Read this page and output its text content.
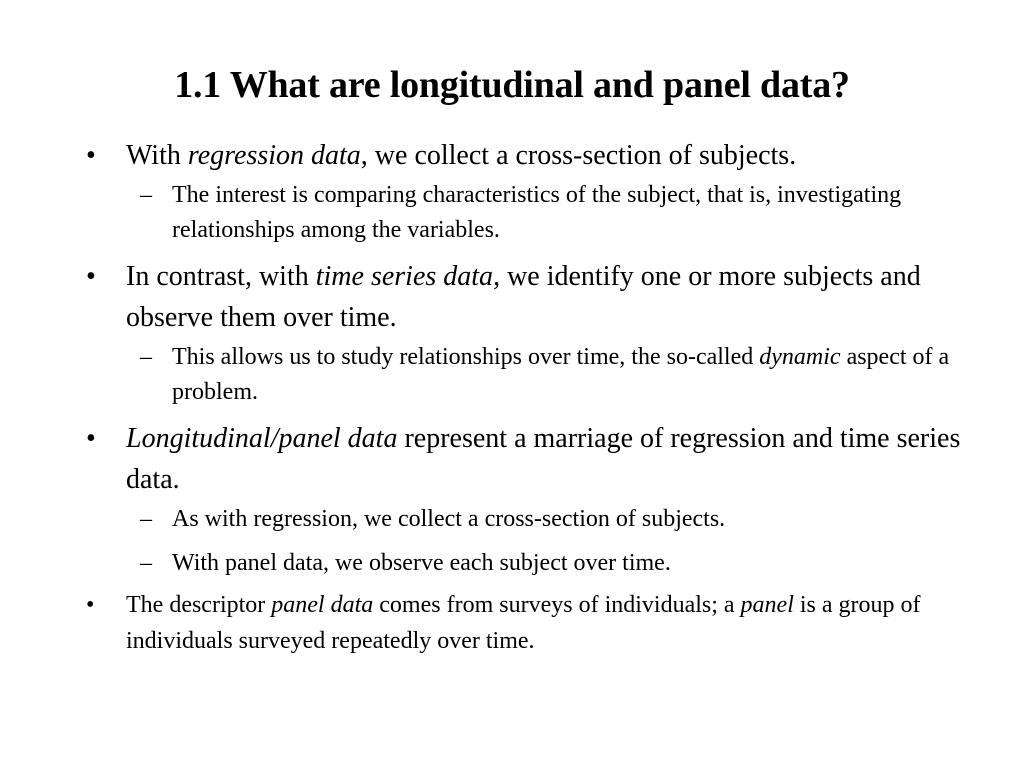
1.1 What are longitudinal and panel data?
• With regression data, we collect a cross-section of subjects.
– The interest is comparing characteristics of the subject, that is, investigating relationships among the variables.
• In contrast, with time series data, we identify one or more subjects and observe them over time.
– This allows us to study relationships over time, the so-called dynamic aspect of a problem.
• Longitudinal/panel data represent a marriage of regression and time series data.
– As with regression, we collect a cross-section of subjects.
– With panel data, we observe each subject over time.
• The descriptor panel data comes from surveys of individuals; a panel is a group of individuals surveyed repeatedly over time.
